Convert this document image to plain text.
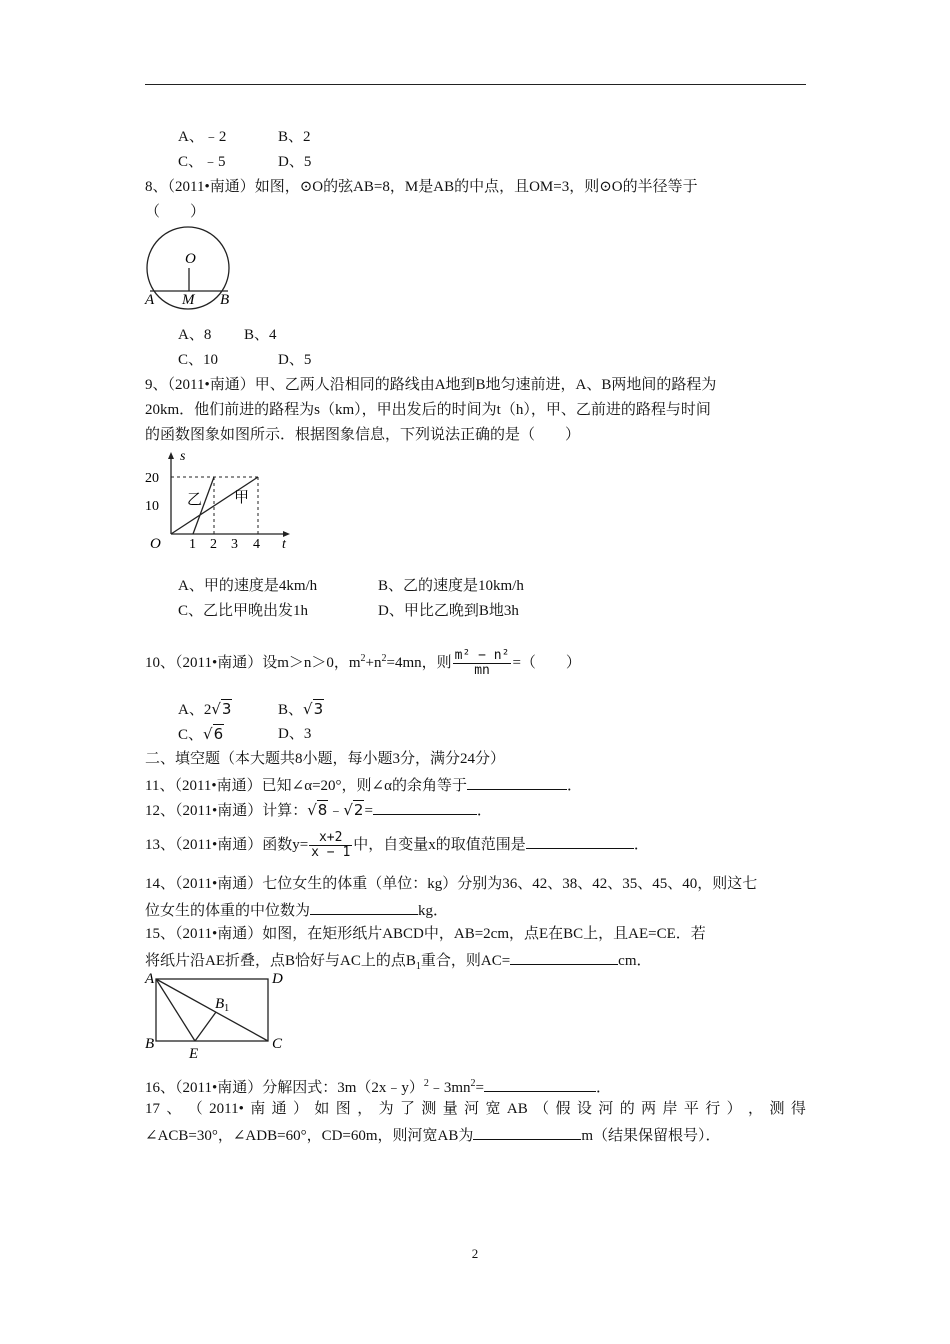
A、﹣2	B、2
C、﹣5	D、5
8、（2011•南通）如图，⊙O的弦AB=8，M是AB的中点，且OM=3，则⊙O的半径等于
（　　）
O
A M B
A、8 B、4
C、10	D、5
9、（2011•南通）甲、乙两人沿相同的路线由A地到B地匀速前进，A、B两地间的路程为
20km．他们前进的路程为s（km），甲出发后的时间为t（h），甲、乙前进的路程与时间
的函数图象如图所示．根据图象信息，下列说法正确的是（　　）
s
t
O
20
10
1 2 3 4
乙 甲
A、甲的速度是4km/h	B、乙的速度是10km/h
C、乙比甲晚出发1h	D、甲比乙晚到B地3h
10、（2011•南通）设m＞n＞0，$m^2+n^2=4mn$，则 $\frac{\text{m² − n²}}{mn}$ =（　　）
A、2√3	B、√3
C、√6	D、3
二、填空题（本大题共8小题，每小题3分，满分24分）
11、（2011•南通）已知∠α=20°，则∠α的余角等于	．
12、（2011•南通）计算：√8﹣√2=	．
13、（2011•南通）函数$y= \frac{x+2}{x - 1}$ 中，自变量x的取值范围是	．
14、（2011•南通）七位女生的体重（单位：kg）分别为36、42、38、42、35、45、40，则这七
位女生的体重的中位数为	kg．
15、（2011•南通）如图，在矩形纸片ABCD中，AB=2cm，点E在BC上，且AE=CE．若
将纸片沿AE折叠，点B恰好与AC上的点$B_1$重合，则AC=	cm．
A	D
$B_1$
B
E
C
16、（2011•南通）分解因式：$3m(2x﹣y)^2﹣3mn^2=$	．
17 、 （ 2011• 南 通 ） 如 图 ， 为 了 测 量 河 宽 AB （ 假 设 河 的 两 岸 平 行 ） ， 测 得
∠ACB=30°，∠ADB=60°，CD=60m，则河宽AB为	m（结果保留根号）．
2
